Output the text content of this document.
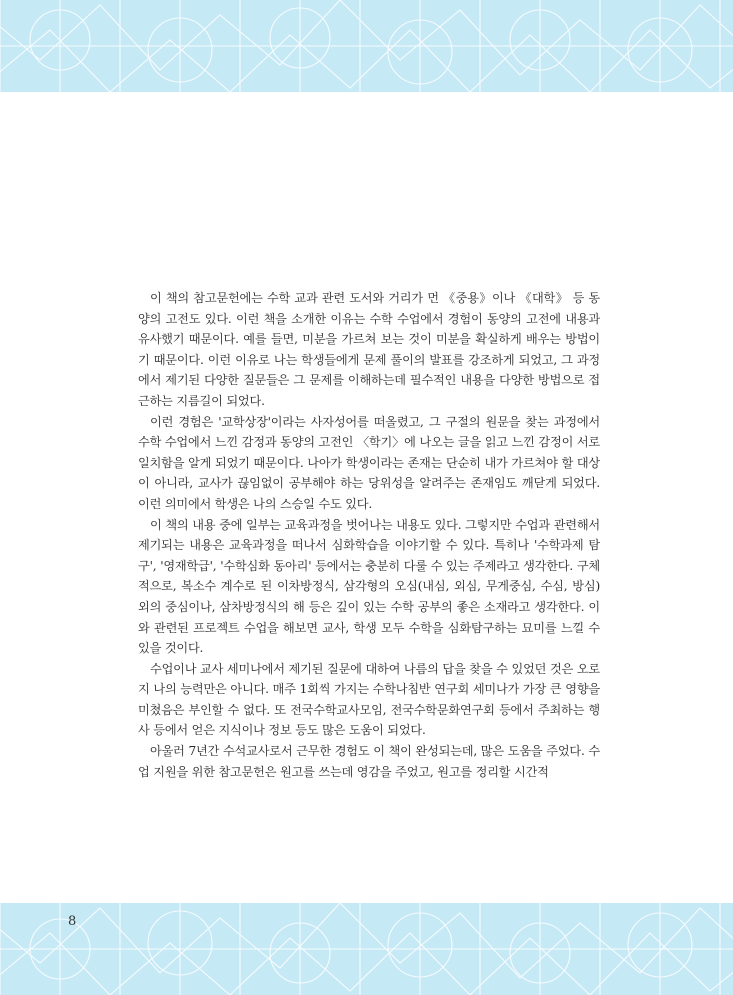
이 책의 참고문헌에는 수학 교과 관련 도서와 거리가 먼 《중용》이나 《대학》 등 동양의 고전도 있다. 이런 책을 소개한 이유는 수학 수업에서 경험이 동양의 고전에 내용과 유사했기 때문이다. 예를 들면, 미분을 가르쳐 보는 것이 미분을 확실하게 배우는 방법이기 때문이다. 이런 이유로 나는 학생들에게 문제 풀이의 발표를 강조하게 되었고, 그 과정에서 제기된 다양한 질문들은 그 문제를 이해하는데 필수적인 내용을 다양한 방법으로 접근하는 지름길이 되었다.

이런 경험은 '교학상장'이라는 사자성어를 떠올렸고, 그 구절의 원문을 찾는 과정에서 수학 수업에서 느낀 감정과 동양의 고전인 〈학기〉에 나오는 글을 읽고 느낀 감정이 서로 일치함을 알게 되었기 때문이다. 나아가 학생이라는 존재는 단순히 내가 가르쳐야 할 대상이 아니라, 교사가 끊임없이 공부해야 하는 당위성을 알려주는 존재임도 깨닫게 되었다. 이런 의미에서 학생은 나의 스승일 수도 있다.

이 책의 내용 중에 일부는 교육과정을 벗어나는 내용도 있다. 그렇지만 수업과 관련해서 제기되는 내용은 교육과정을 떠나서 심화학습을 이야기할 수 있다. 특히나 '수학과제 탐구', '영재학급', '수학심화 동아리' 등에서는 충분히 다룰 수 있는 주제라고 생각한다. 구체적으로, 복소수 계수로 된 이차방정식, 삼각형의 오심(내심, 외심, 무게중심, 수심, 방심) 외의 중심이나, 삼차방정식의 해 등은 깊이 있는 수학 공부의 좋은 소재라고 생각한다. 이와 관련된 프로젝트 수업을 해보면 교사, 학생 모두 수학을 심화탐구하는 묘미를 느낄 수 있을 것이다.

수업이나 교사 세미나에서 제기된 질문에 대하여 나름의 답을 찾을 수 있었던 것은 오로지 나의 능력만은 아니다. 매주 1회씩 가지는 수학나침반 연구회 세미나가 가장 큰 영향을 미쳤음은 부인할 수 없다. 또 전국수학교사모임, 전국수학문화연구회 등에서 주최하는 행사 등에서 얻은 지식이나 정보 등도 많은 도움이 되었다.

아울러 7년간 수석교사로서 근무한 경험도 이 책이 완성되는데, 많은 도움을 주었다. 수업 지원을 위한 참고문헌은 원고를 쓰는데 영감을 주었고, 원고를 정리할 시간적

8
